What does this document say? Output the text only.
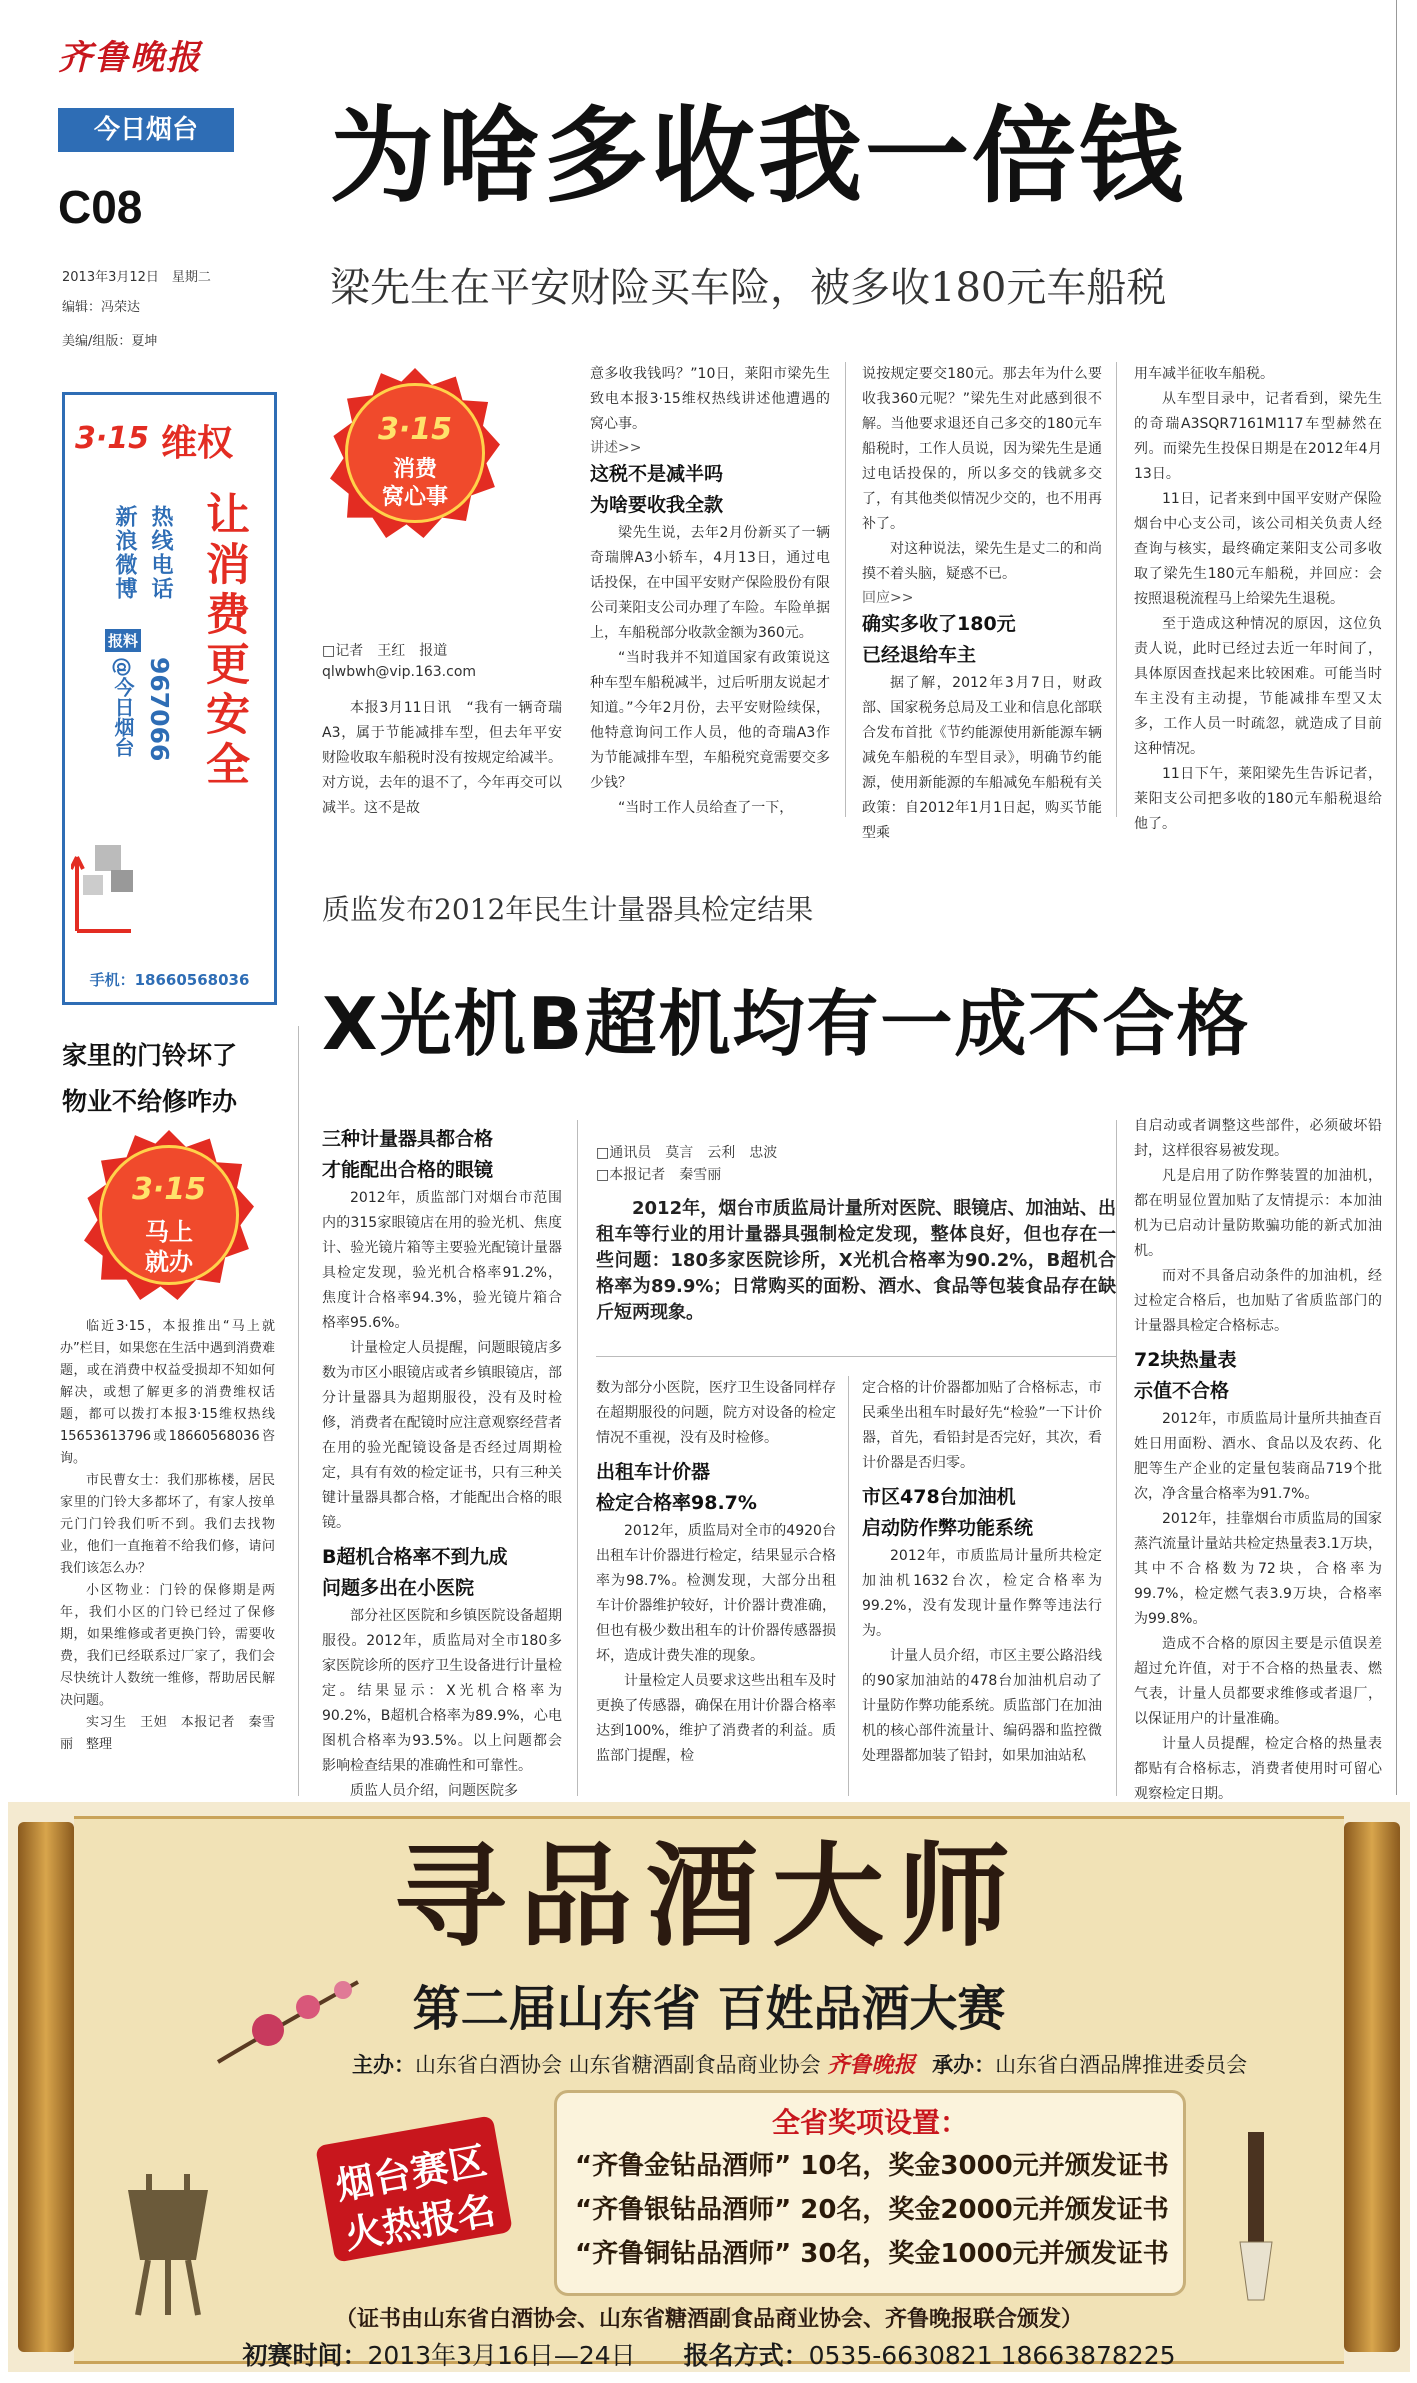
齐鲁晚报
今日烟台
C08
2013年3月12日　星期二
编辑：冯荣达
美编/组版：夏坤
3·15 维权
热线电话
新浪微博
报料
967066
@今日烟台 让消费更安全
手机：18660568036
为啥多收我一倍钱
梁先生在平安财险买车险，被多收180元车船税
3·15
消费
窝心事
□记者　王红　报道
qlwbwh@vip.163.com

本报3月11日讯　“我有一辆奇瑞A3，属于节能减排车型，但去年平安财险收取车船税时没有按规定给减半。对方说，去年的退不了，今年再交可以减半。这不是故

意多收我钱吗？”10日，莱阳市梁先生致电本报3·15维权热线讲述他遭遇的窝心事。

讲述>>
这税不是减半吗
为啥要收我全款

梁先生说，去年2月份新买了一辆奇瑞牌A3小轿车，4月13日，通过电话投保，在中国平安财产保险股份有限公司莱阳支公司办理了车险。车险单据上，车船税部分收款金额为360元。

“当时我并不知道国家有政策说这种车型车船税减半，过后听朋友说起才知道。”今年2月份，去平安财险续保，他特意询问工作人员，他的奇瑞A3作为节能减排车型，车船税究竟需要交多少钱？

“当时工作人员给查了一下，

说按规定要交180元。那去年为什么要收我360元呢？”梁先生对此感到很不解。当他要求退还自己多交的180元车船税时，工作人员说，因为梁先生是通过电话投保的，所以多交的钱就多交了，有其他类似情况少交的，也不用再补了。

对这种说法，梁先生是丈二的和尚摸不着头脑，疑惑不已。

回应>>
确实多收了180元
已经退给车主

据了解，2012年3月7日，财政部、国家税务总局及工业和信息化部联合发布首批《节约能源使用新能源车辆减免车船税的车型目录》，明确节约能源，使用新能源的车船减免车船税有关政策：自2012年1月1日起，购买节能型乘

用车减半征收车船税。

从车型目录中，记者看到，梁先生的奇瑞A3SQR7161M117车型赫然在列。而梁先生投保日期是在2012年4月13日。

11日，记者来到中国平安财产保险烟台中心支公司，该公司相关负责人经查询与核实，最终确定莱阳支公司多收取了梁先生180元车船税，并回应：会按照退税流程马上给梁先生退税。

至于造成这种情况的原因，这位负责人说，此时已经过去近一年时间了，具体原因查找起来比较困难。可能当时车主没有主动提，节能减排车型又太多，工作人员一时疏忽，就造成了目前这种情况。

11日下午，莱阳梁先生告诉记者，莱阳支公司把多收的180元车船税退给他了。

家里的门铃坏了
物业不给修咋办
3·15
马上
就办

临近3·15，本报推出“马上就办”栏目，如果您在生活中遇到消费难题，或在消费中权益受损却不知如何解决，或想了解更多的消费维权话题，都可以拨打本报3·15维权热线15653613796或18660568036咨询。

市民曹女士：我们那栋楼，居民家里的门铃大多都坏了，有家人按单元门门铃我们听不到。我们去找物业，他们一直拖着不给我们修，请问我们该怎么办？

小区物业：门铃的保修期是两年，我们小区的门铃已经过了保修期，如果维修或者更换门铃，需要收费，我们已经联系过厂家了，我们会尽快统计人数统一维修，帮助居民解决问题。

实习生　王妲　本报记者　秦雪丽　整理

质监发布2012年民生计量器具检定结果
X光机B超机均有一成不合格
三种计量器具都合格
才能配出合格的眼镜

2012年，质监部门对烟台市范围内的315家眼镜店在用的验光机、焦度计、验光镜片箱等主要验光配镜计量器具检定发现，验光机合格率91.2%，焦度计合格率94.3%，验光镜片箱合格率95.6%。

计量检定人员提醒，问题眼镜店多数为市区小眼镜店或者乡镇眼镜店，部分计量器具为超期服役，没有及时检修，消费者在配镜时应注意观察经营者在用的验光配镜设备是否经过周期检定，具有有效的检定证书，只有三种关键计量器具都合格，才能配出合格的眼镜。

B超机合格率不到九成
问题多出在小医院

部分社区医院和乡镇医院设备超期服役。2012年，质监局对全市180多家医院诊所的医疗卫生设备进行计量检定。结果显示：X光机合格率为90.2%，B超机合格率为89.9%，心电图机合格率为93.5%。以上问题都会影响检查结果的准确性和可靠性。

质监人员介绍，问题医院多

□通讯员　莫言　云利　忠波
□本报记者　秦雪丽

2012年，烟台市质监局计量所对医院、眼镜店、加油站、出租车等行业的用计量器具强制检定发现，整体良好，但也存在一些问题：180多家医院诊所，X光机合格率为90.2%，B超机合格率为89.9%；日常购买的面粉、酒水、食品等包装食品存在缺斤短两现象。

数为部分小医院，医疗卫生设备同样存在超期服役的问题，院方对设备的检定情况不重视，没有及时检修。

出租车计价器
检定合格率98.7%

2012年，质监局对全市的4920台出租车计价器进行检定，结果显示合格率为98.7%。检测发现，大部分出租车计价器维护较好，计价器计费准确，但也有极少数出租车的计价器传感器损坏，造成计费失准的现象。

计量检定人员要求这些出租车及时更换了传感器，确保在用计价器合格率达到100%，维护了消费者的利益。质监部门提醒，检

定合格的计价器都加贴了合格标志，市民乘坐出租车时最好先“检验”一下计价器，首先，看铅封是否完好，其次，看计价器是否归零。

市区478台加油机
启动防作弊功能系统

2012年，市质监局计量所共检定加油机1632台次，检定合格率为99.2%，没有发现计量作弊等违法行为。

计量人员介绍，市区主要公路沿线的90家加油站的478台加油机启动了计量防作弊功能系统。质监部门在加油机的核心部件流量计、编码器和监控微处理器都加装了铅封，如果加油站私

自启动或者调整这些部件，必须破坏铅封，这样很容易被发现。

凡是启用了防作弊装置的加油机，都在明显位置加贴了友情提示：本加油机为已启动计量防欺骗功能的新式加油机。

而对不具备启动条件的加油机，经过检定合格后，也加贴了省质监部门的计量器具检定合格标志。

72块热量表
示值不合格

2012年，市质监局计量所共抽查百姓日用面粉、酒水、食品以及农药、化肥等生产企业的定量包装商品719个批次，净含量合格率为91.7%。

2012年，挂靠烟台市质监局的国家蒸汽流量计量站共检定热量表3.1万块，其中不合格数为72块，合格率为99.7%，检定燃气表3.9万块，合格率为99.8%。

造成不合格的原因主要是示值误差超过允许值，对于不合格的热量表、燃气表，计量人员都要求维修或者退厂，以保证用户的计量准确。

计量人员提醒，检定合格的热量表都贴有合格标志，消费者使用时可留心观察检定日期。

寻品酒大师
第二届山东省 百姓品酒大赛
主办：山东省白酒协会 山东省糖酒副食品商业协会 齐鲁晚报 承办：山东省白酒品牌推进委员会
全省奖项设置：
“齐鲁金钻品酒师” 10名，奖金3000元并颁发证书
“齐鲁银钻品酒师” 20名，奖金2000元并颁发证书
“齐鲁铜钻品酒师” 30名，奖金1000元并颁发证书
烟台赛区
火热报名
（证书由山东省白酒协会、山东省糖酒副食品商业协会、齐鲁晚报联合颁发）
初赛时间：2013年3月16日—24日 报名方式：0535-6630821 18663878225
